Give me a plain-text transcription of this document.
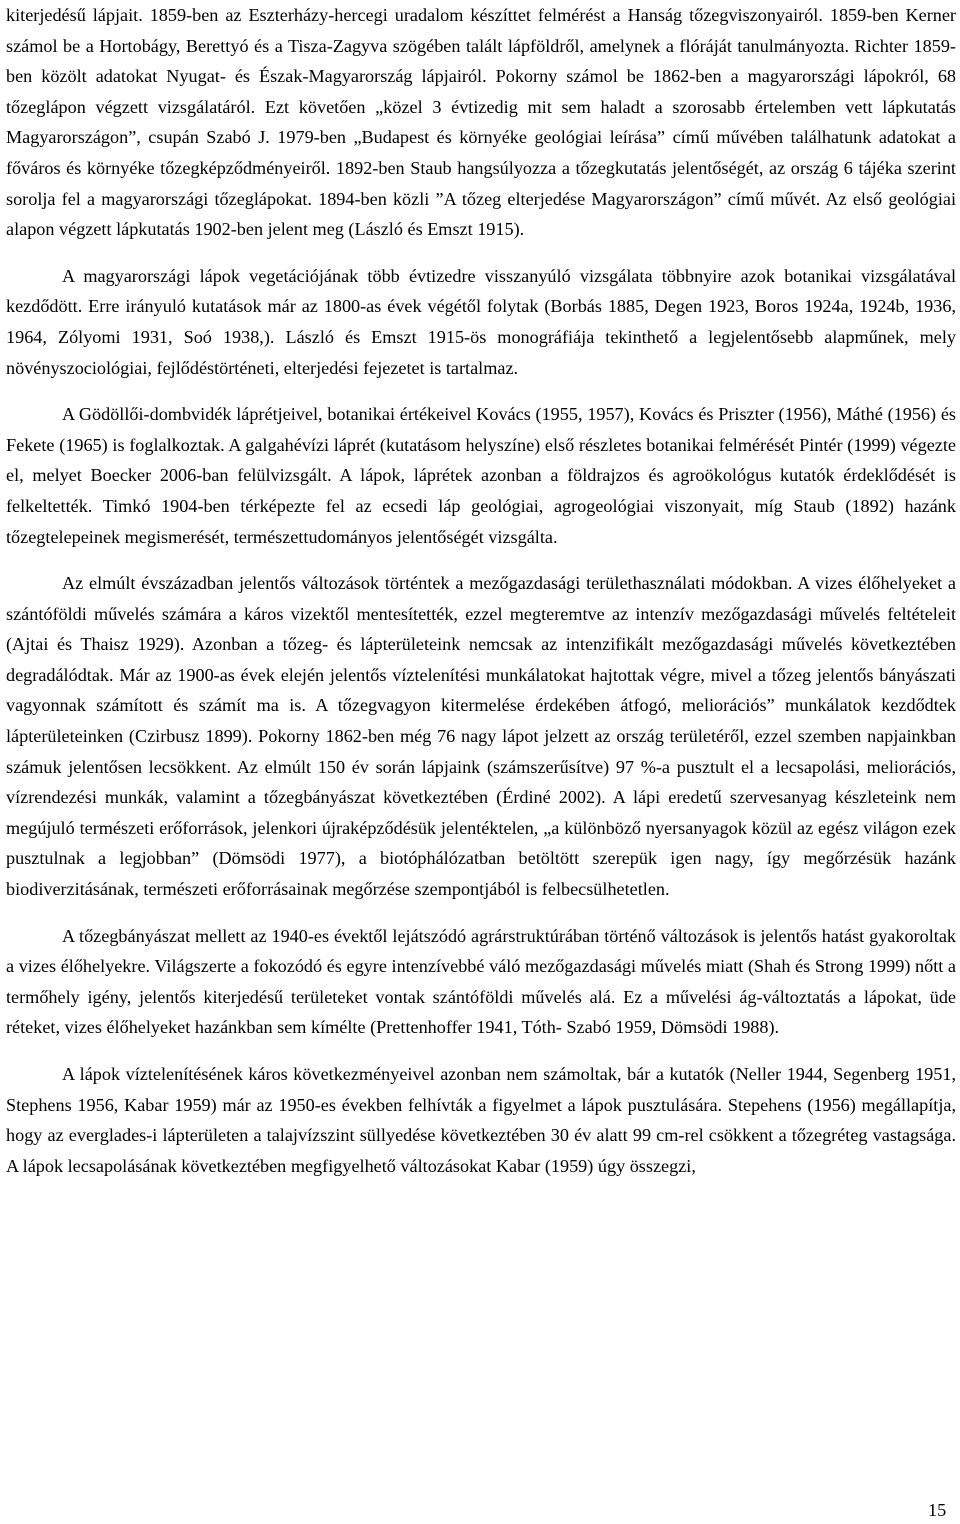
kiterjedésű lápjait. 1859-ben az Eszterházy-hercegi uradalom készíttet felmérést a Hanság tőzegviszonyairól. 1859-ben Kerner számol be a Hortobágy, Berettyó és a Tisza-Zagyva szögében talált lápföldről, amelynek a flóráját tanulmányozta. Richter 1859-ben közölt adatokat Nyugat- és Észak-Magyarország lápjairól. Pokorny számol be 1862-ben a magyarországi lápokról, 68 tőzeglápon végzett vizsgálatáról. Ezt követően „közel 3 évtizedig mit sem haladt a szorosabb értelemben vett lápkutatás Magyarországon”, csupán Szabó J. 1979-ben „Budapest és környéke geológiai leírása” című művében találhatunk adatokat a főváros és környéke tőzegképződményeiről. 1892-ben Staub hangsúlyozza a tőzegkutatás jelentőségét, az ország 6 tájéka szerint sorolja fel a magyarországi tőzeglápokat. 1894-ben közli ”A tőzeg elterjedése Magyarországon” című művét. Az első geológiai alapon végzett lápkutatás 1902-ben jelent meg (László és Emszt 1915).

A magyarországi lápok vegetációjának több évtizedre visszanyúló vizsgálata többnyire azok botanikai vizsgálatával kezdődött. Erre irányuló kutatások már az 1800-as évek végétől folytak (Borbás 1885, Degen 1923, Boros 1924a, 1924b, 1936, 1964, Zólyomi 1931, Soó 1938,). László és Emszt 1915-ös monográfiája tekinthető a legjelentősebb alapműnek, mely növényszociológiai, fejlődéstörténeti, elterjedési fejezetet is tartalmaz.

A Gödöllői-dombvidék láprétjeivel, botanikai értékeivel Kovács (1955, 1957), Kovács és Priszter (1956), Máthé (1956) és Fekete (1965) is foglalkoztak. A galgahévízi láprét (kutatásom helyszíne) első részletes botanikai felmérését Pintér (1999) végezte el, melyet Boecker 2006-ban felülvizsgált. A lápok, láprétek azonban a földrajzos és agroökológus kutatók érdeklődését is felkeltették. Timkó 1904-ben térképezte fel az ecsedi láp geológiai, agrogeológiai viszonyait, míg Staub (1892) hazánk tőzegtelepeinek megismerését, természettudományos jelentőségét vizsgálta.

Az elmúlt évszázadban jelentős változások történtek a mezőgazdasági területhasználati módokban. A vizes élőhelyeket a szántóföldi művelés számára a káros vizektől mentesítették, ezzel megteremtve az intenzív mezőgazdasági művelés feltételeit (Ajtai és Thaisz 1929). Azonban a tőzeg- és lápterületeink nemcsak az intenzifikált mezőgazdasági művelés következtében degradálódtak. Már az 1900-as évek elején jelentős víztelenítési munkálatokat hajtottak végre, mivel a tőzeg jelentős bányászati vagyonnak számított és számít ma is. A tőzegvagyon kitermelése érdekében átfogó, meliorációs” munkálatok kezdődtek lápterületeinken (Czirbusz 1899). Pokorny 1862-ben még 76 nagy lápot jelzett az ország területéről, ezzel szemben napjainkban számuk jelentősen lecsökkent. Az elmúlt 150 év során lápjaink (számszerűsítve) 97 %-a pusztult el a lecsapolási, meliorációs, vízrendezési munkák, valamint a tőzegbányászat következtében (Érdiné 2002). A lápi eredetű szervesanyag készleteink nem megújuló természeti erőforrások, jelenkori újraképződésük jelentéktelen, „a különböző nyersanyagok közül az egész világon ezek pusztulnak a legjobban” (Dömsödi 1977), a biotóphálózatban betöltött szerepük igen nagy, így megőrzésük hazánk biodiverzitásának, természeti erőforrásainak megőrzése szempontjából is felbecsülhetetlen.

A tőzegbányászat mellett az 1940-es évektől lejátszódó agrárstruktúrában történő változások is jelentős hatást gyakoroltak a vizes élőhelyekre. Világszerte a fokozódó és egyre intenzívebbé váló mezőgazdasági művelés miatt (Shah és Strong 1999) nőtt a termőhely igény, jelentős kiterjedésű területeket vontak szántóföldi művelés alá. Ez a művelési ág-változtatás a lápokat, üde réteket, vizes élőhelyeket hazánkban sem kímélte (Prettenhoffer 1941, Tóth- Szabó 1959, Dömsödi 1988).

A lápok víztelenítésének káros következményeivel azonban nem számoltak, bár a kutatók (Neller 1944, Segenberg 1951, Stephens 1956, Kabar 1959) már az 1950-es években felhívták a figyelmet a lápok pusztulására. Stepehens (1956) megállapítja, hogy az everglades-i lápterületen a talajvízszint süllyedése következtében 30 év alatt 99 cm-rel csökkent a tőzegréteg vastagsága. A lápok lecsapolásának következtében megfigyelhető változásokat Kabar (1959) úgy összegzi,

15
